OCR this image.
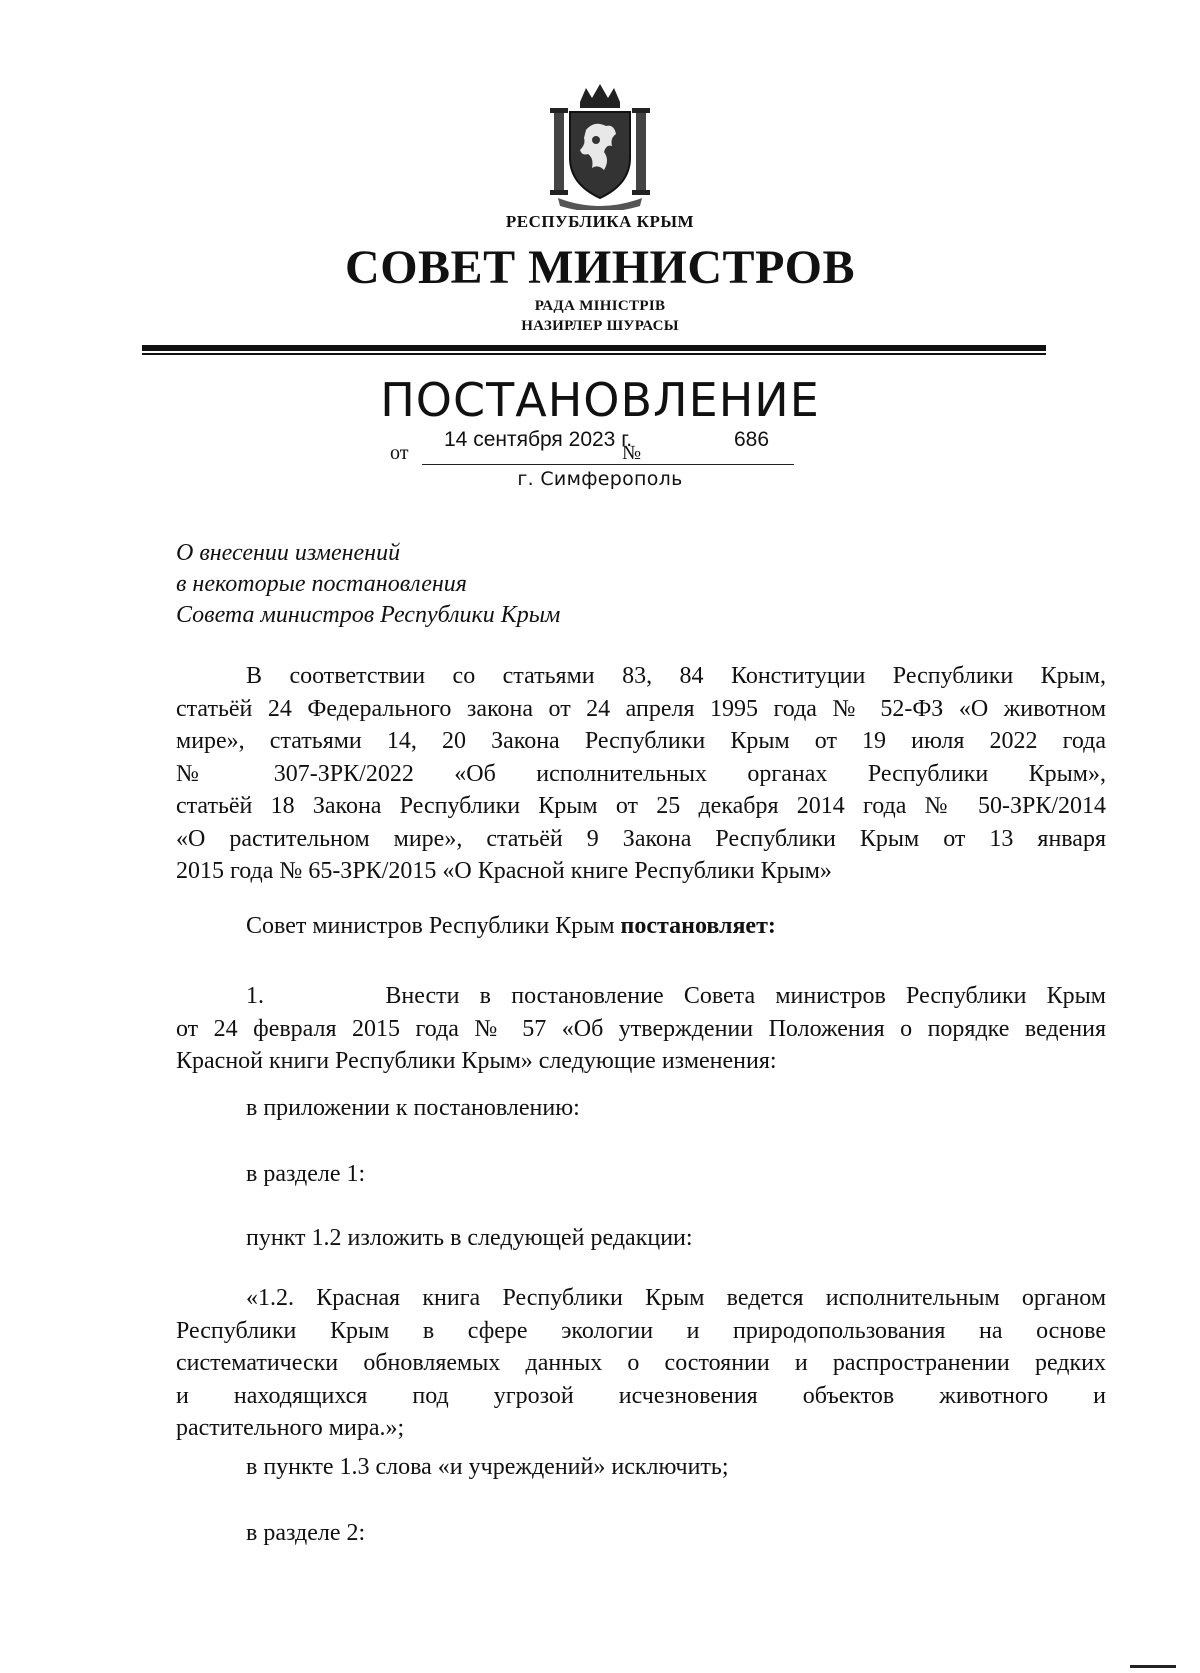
РЕСПУБЛИКА КРЫМ
СОВЕТ МИНИСТРОВ
РАДА МІНІСТРІВ
НАЗИРЛЕР ШУРАСЫ
ПОСТАНОВЛЕНИЕ
от
14 сентября 2023 г.
№
686
г. Симферополь
О внесении изменений
в некоторые постановления
Совета министров Республики Крым
В соответствии со статьями 83, 84 Конституции Республики Крым,
статьёй 24 Федерального закона от 24 апреля 1995 года № 52-ФЗ «О животном
мире», статьями 14, 20 Закона Республики Крым от 19 июля 2022 года
№ 307-ЗРК/2022 «Об исполнительных органах Республики Крым»,
статьёй 18 Закона Республики Крым от 25 декабря 2014 года № 50-ЗРК/2014
«О растительном мире», статьёй 9 Закона Республики Крым от 13 января
2015 года № 65-ЗРК/2015 «О Красной книге Республики Крым»
Совет министров Республики Крым постановляет:
1.      Внести в постановление Совета министров Республики Крым
от 24 февраля 2015 года № 57 «Об утверждении Положения о порядке ведения
Красной книги Республики Крым» следующие изменения:
в приложении к постановлению:
в разделе 1:
пункт 1.2 изложить в следующей редакции:
«1.2. Красная книга Республики Крым ведется исполнительным органом
Республики Крым в сфере экологии и природопользования на основе
систематически обновляемых данных о состоянии и распространении редких
и находящихся под угрозой исчезновения объектов животного и
растительного мира.»;
в пункте 1.3 слова «и учреждений» исключить;
в разделе 2:
